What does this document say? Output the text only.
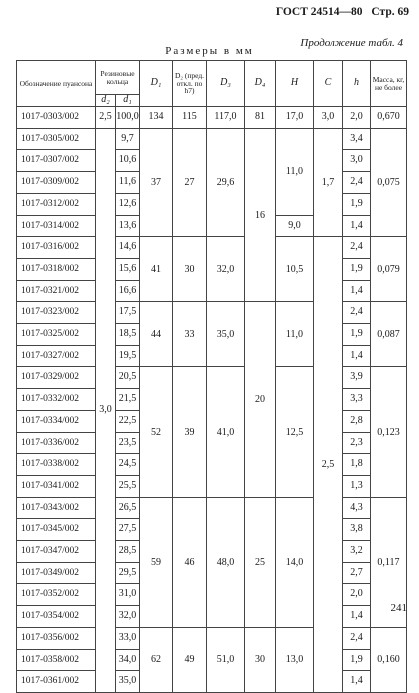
ГОСТ 24514—80 Стр. 69
Продолжение табл. 4
Размеры в мм
Обозначение пуансона	Резиновые кольца		D₁	D₂ (пред. откл. по h7)	D₃	D₄	H	C	h	Масса, кг, не более
	d₂	d₁								
1017-0303/002	2,5	100,0	134	115	117,0	81	17,0	3,0	2,0	0,670
1017-0305/002	3,0	9,7	37	27	29,6	16	11,0	1,7	3,4	0,075
1017-0307/002		10,6							3,0	
1017-0309/002		11,6							2,4	
1017-0312/002		12,6							1,9	
1017-0314/002		13,6					9,0		1,4	
1017-0316/002		14,6	41	30	32,0		10,5	2,5	2,4	0,079
1017-0318/002		15,6							1,9	
1017-0321/002		16,6							1,4	
1017-0323/002		17,5	44	33	35,0	20	11,0		2,4	0,087
1017-0325/002		18,5							1,9	
1017-0327/002		19,5							1,4	
1017-0329/002		20,5	52	39	41,0		12,5		3,9	0,123
1017-0332/002		21,5							3,3	
1017-0334/002		22,5							2,8	
1017-0336/002		23,5							2,3	
1017-0338/002		24,5							1,8	
1017-0341/002		25,5							1,3	
1017-0343/002		26,5	59	46	48,0	25	14,0		4,3	0,117
1017-0345/002		27,5							3,8	
1017-0347/002		28,5							3,2	
1017-0349/002		29,5							2,7	
1017-0352/002		31,0							2,0	
1017-0354/002		32,0							1,4	
1017-0356/002		33,0	62	49	51,0	30	13,0		2,4	0,160
1017-0358/002		34,0							1,9	
1017-0361/002		35,0							1,4	
241
